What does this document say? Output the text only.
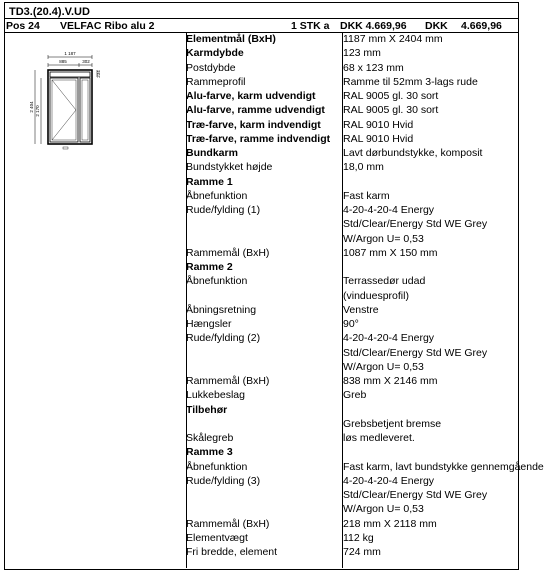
TD3.(20.4).V.UD
Pos 24 VELFAC Ribo alu 2	1 STK a DKK 4.669,96 DKK 4.669,96
1 187
885	302
2 404 2 170
234
Elementmål (BxH)	1187 mm X 2404 mm
Karmdybde	123 mm
Postdybde	68 x 123 mm
Rammeprofil	Ramme til 52mm 3-lags rude
Alu-farve, karm udvendigt	RAL 9005 gl. 30 sort
Alu-farve, ramme udvendigt	RAL 9005 gl. 30 sort
Træ-farve, karm indvendigt	RAL 9010 Hvid
Træ-farve, ramme indvendigt	RAL 9010 Hvid
Bundkarm	Lavt dørbundstykke, komposit
Bundstykket højde	18,0 mm
Ramme 1
Åbnefunktion	Fast karm
Rude/fylding (1)	4-20-4-20-4 Energy
Std/Clear/Energy Std WE Grey
W/Argon U= 0,53
Rammemål (BxH)	1087 mm X 150 mm
Ramme 2
Åbnefunktion	Terrassedør udad
(vinduesprofil)
Åbningsretning	Venstre
Hængsler	90°
Rude/fylding (2)	4-20-4-20-4 Energy
Std/Clear/Energy Std WE Grey
W/Argon U= 0,53
Rammemål (BxH)	838 mm X 2146 mm
Lukkebeslag	Greb
Tilbehør
Grebsbetjent bremse
Skålegreb	løs medleveret.
Ramme 3
Åbnefunktion	Fast karm, lavt bundstykke gennemgående
Rude/fylding (3)	4-20-4-20-4 Energy
Std/Clear/Energy Std WE Grey
W/Argon U= 0,53
Rammemål (BxH)	218 mm X 2118 mm
Elementvægt	112 kg
Fri bredde, element	724 mm
